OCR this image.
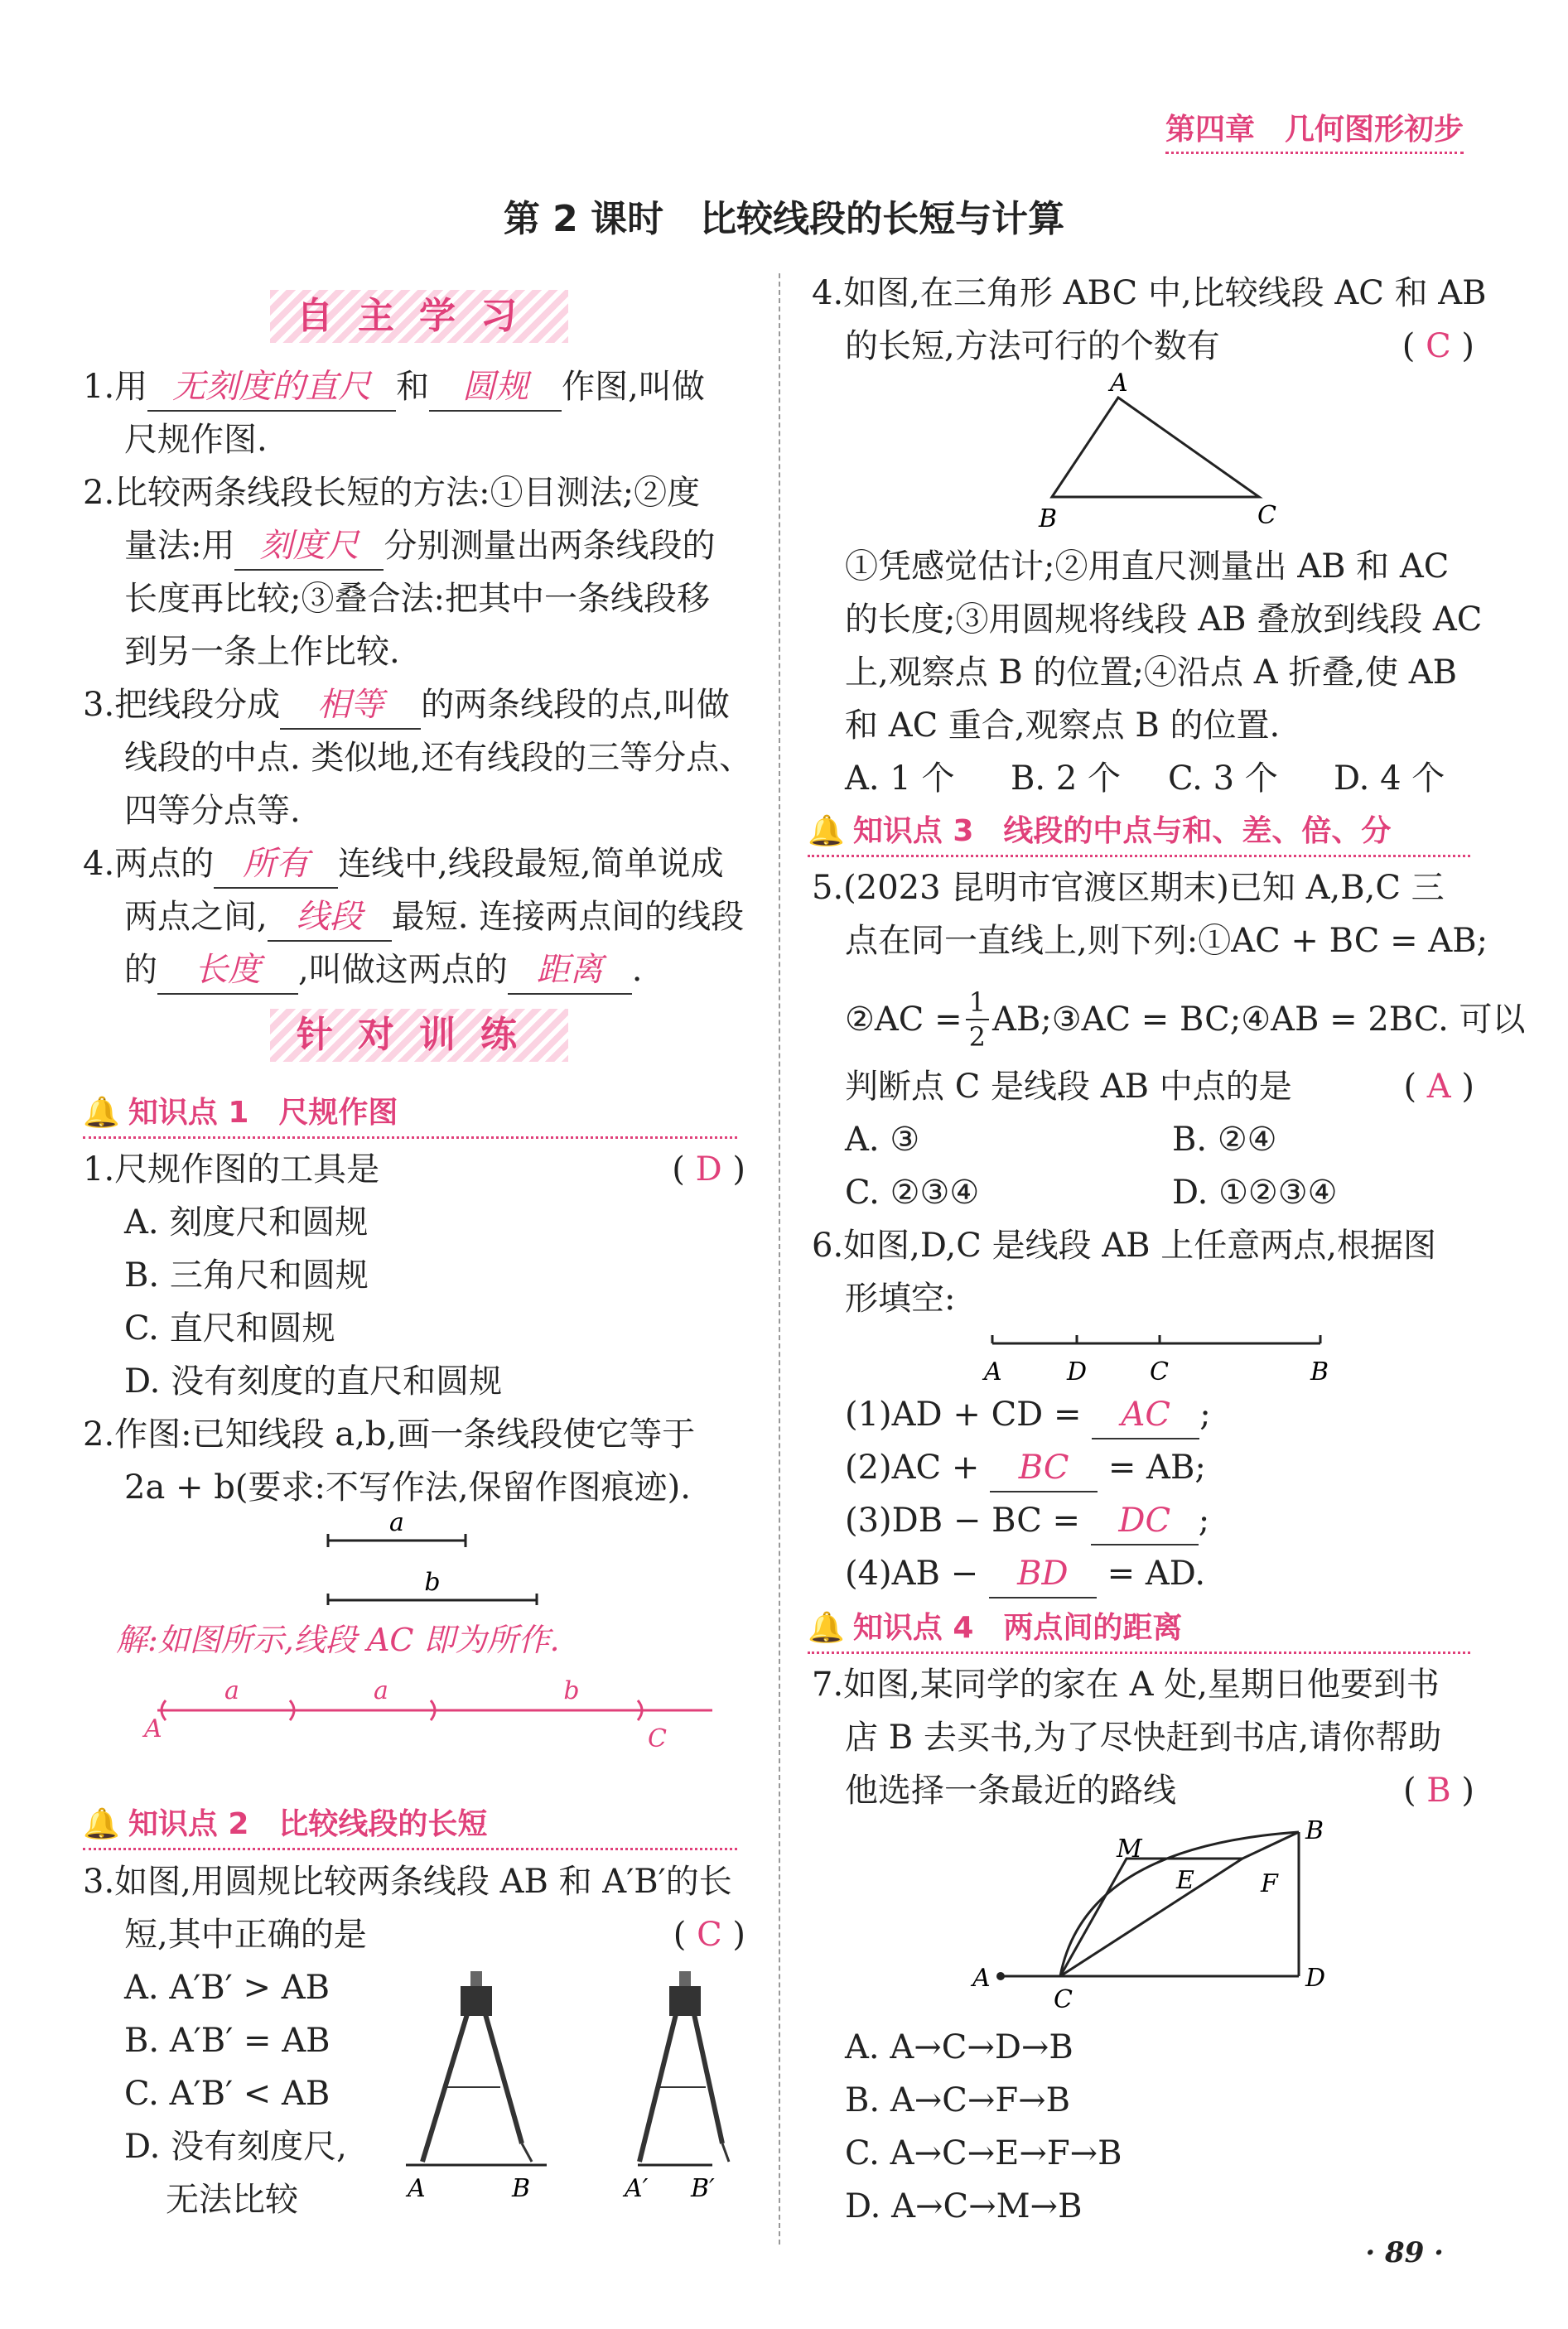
第四章　几何图形初步
第 2 课时　比较线段的长短与计算
自主学习
1.用 无刻度的直尺 和 圆规 作图,叫做
尺规作图.
2.比较两条线段长短的方法:①目测法;②度
量法:用 刻度尺 分别测量出两条线段的
长度再比较;③叠合法:把其中一条线段移
到另一条上作比较.
3.把线段分成 相等 的两条线段的点,叫做
线段的中点. 类似地,还有线段的三等分点、
四等分点等.
4.两点的 所有 连线中,线段最短,简单说成
两点之间, 线段 最短. 连接两点间的线段
的 长度 ,叫做这两点的 距离 .
针对训练
🔔 知识点 1　尺规作图
1.尺规作图的工具是	( D )
A. 刻度尺和圆规
B. 三角尺和圆规
C. 直尺和圆规
D. 没有刻度的直尺和圆规
2.作图:已知线段 a,b,画一条线段使它等于
2a + b(要求:不写作法,保留作图痕迹).
a
b
解:如图所示,线段 AC 即为所作.
a	a	b
A	C
🔔 知识点 2　比较线段的长短
3.如图,用圆规比较两条线段 AB 和 A′B′的长
短,其中正确的是	( C )
A. A′B′ > AB
B. A′B′ = AB
C. A′B′ < AB
D. 没有刻度尺,
无法比较	A	B	A′ B′
4.如图,在三角形 ABC 中,比较线段 AC 和 AB
的长短,方法可行的个数有	( C )
A
B	C
①凭感觉估计;②用直尺测量出 AB 和 AC
的长度;③用圆规将线段 AB 叠放到线段 AC
上,观察点 B 的位置;④沿点 A 折叠,使 AB
和 AC 重合,观察点 B 的位置.
A. 1 个 B. 2 个 C. 3 个 D. 4 个
🔔 知识点 3　线段的中点与和、差、倍、分
5.(2023 昆明市官渡区期末)已知 A,B,C 三
点在同一直线上,则下列:①AC + BC = AB;
②AC = $\frac{1}{2}$ AB;③AC = BC;④AB = 2BC. 可以
判断点 C 是线段 AB 中点的是	( A )
A. ③	B. ②④
C. ②③④	D. ①②③④
6.如图,D,C 是线段 AB 上任意两点,根据图
形填空:
A	D	C	B
(1)AD + CD = AC ;
(2)AC + BC = AB;
(3)DB − BC = DC ;
(4)AB − BD = AD.
🔔 知识点 4　两点间的距离
7.如图,某同学的家在 A 处,星期日他要到书
店 B 去买书,为了尽快赶到书店,请你帮助
他选择一条最近的路线	( B )
A
C
D
B
M
E	F
A. A→C→D→B
B. A→C→F→B
C. A→C→E→F→B
D. A→C→M→B
· 89 ·
